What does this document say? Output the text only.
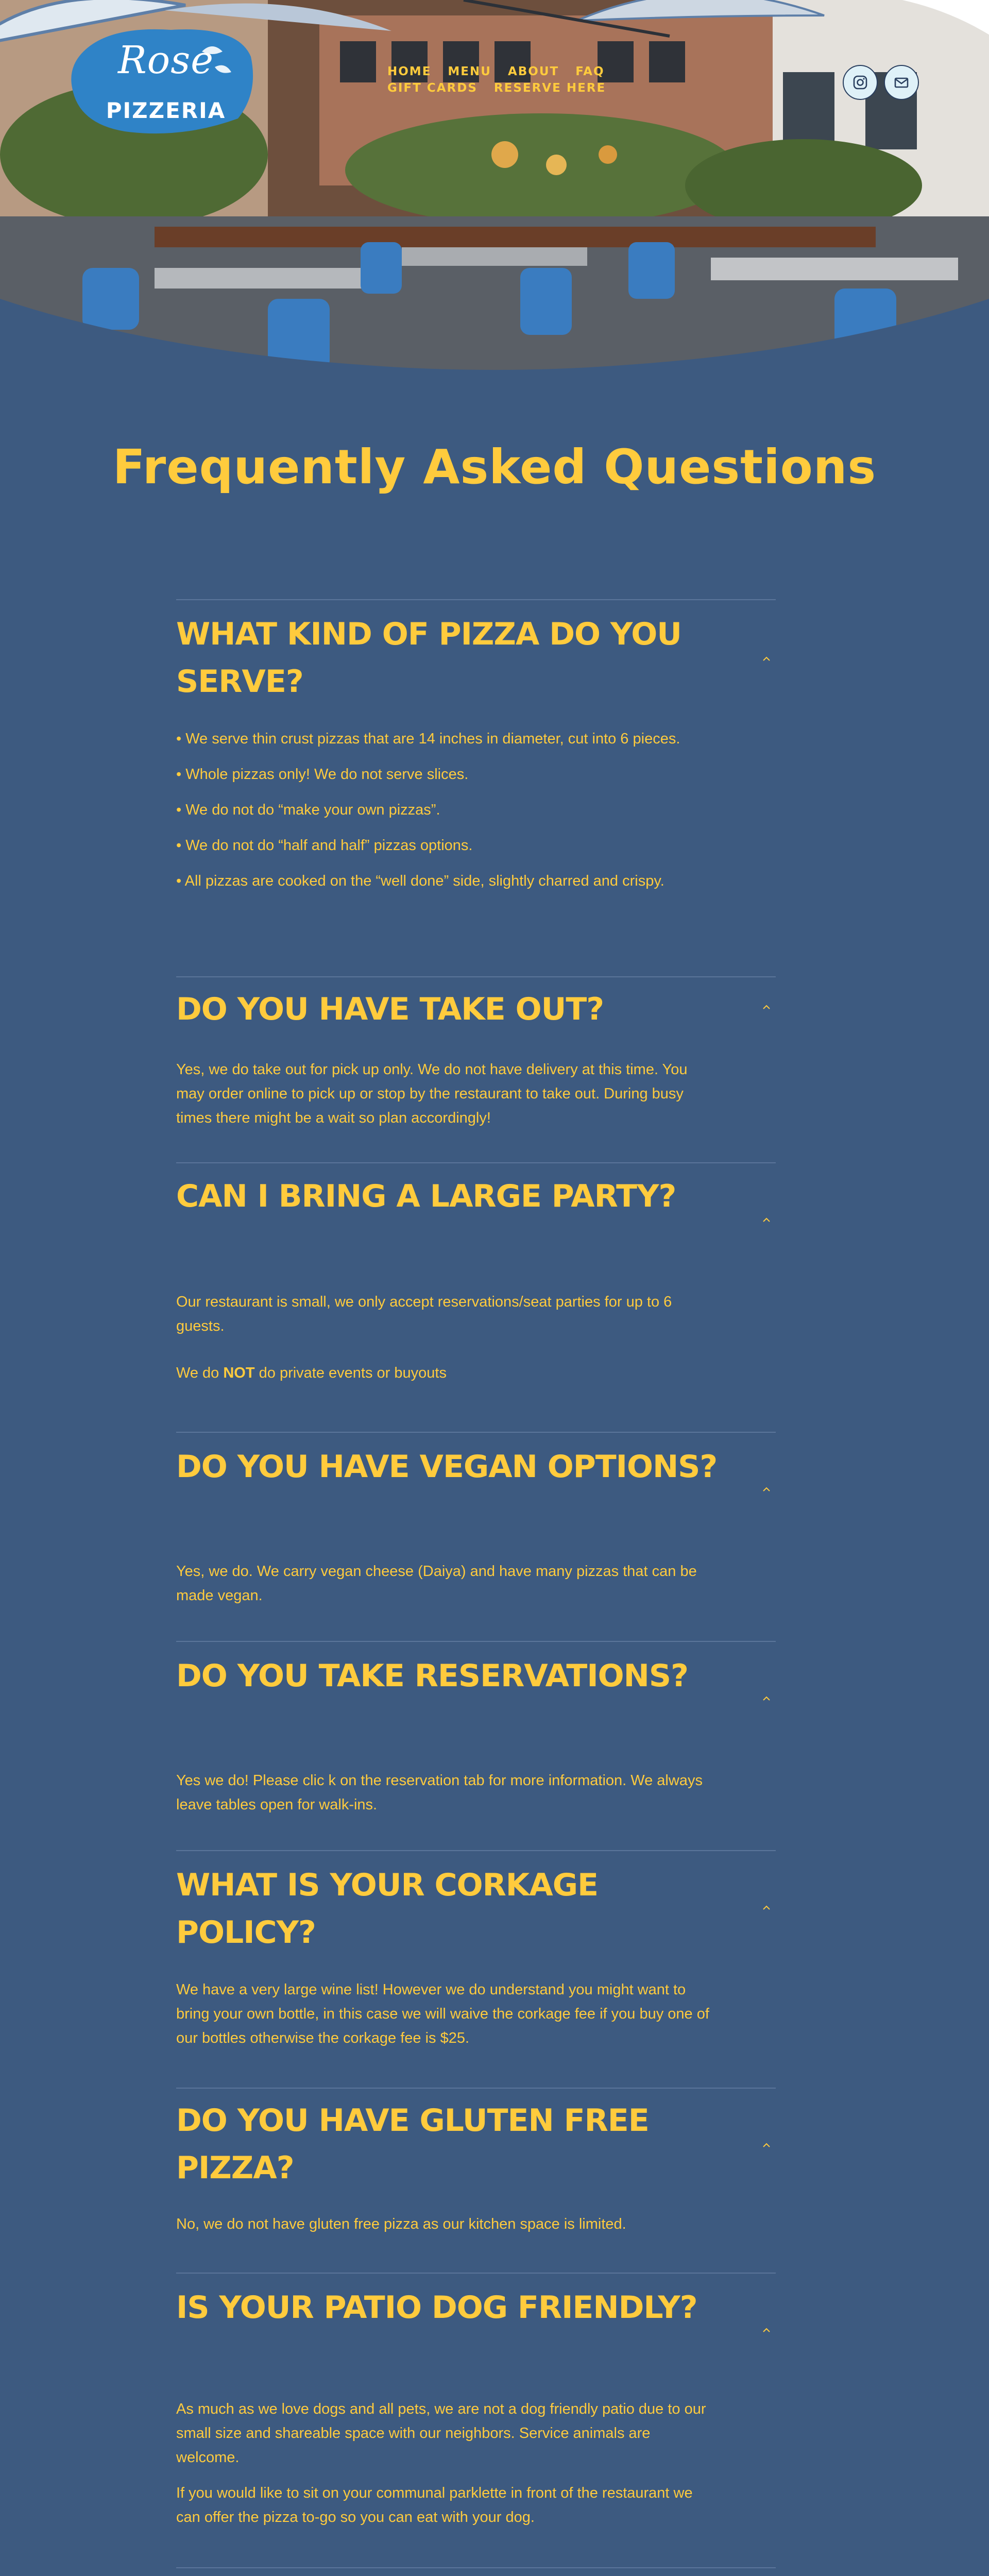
Rose
PIZZERIA
HOME MENU ABOUT FAQ
GIFT CARDS RESERVE HERE
Frequently Asked Questions
WHAT KIND OF PIZZA DO YOU SERVE?

• We serve thin crust pizzas that are 14 inches in diameter, cut into 6 pieces.

• Whole pizzas only! We do not serve slices.

• We do not do “make your own pizzas”.

• We do not do “half and half” pizzas options.

• All pizzas are cooked on the “well done” side, slightly charred and crispy.

DO YOU HAVE TAKE OUT?

Yes, we do take out for pick up only. We do not have delivery at this time. You may order online to pick up or stop by the restaurant to take out. During busy times there might be a wait so plan accordingly!

CAN I BRING A LARGE PARTY?

Our restaurant is small, we only accept reservations/seat parties for up to 6 guests.

We do NOT do private events or buyouts

DO YOU HAVE VEGAN OPTIONS?

Yes, we do. We carry vegan cheese (Daiya) and have many pizzas that can be made vegan.

DO YOU TAKE RESERVATIONS?

Yes we do! Please clic k on the reservation tab for more information. We always leave tables open for walk-ins.

WHAT IS YOUR CORKAGE POLICY?

We have a very large wine list! However we do understand you might want to bring your own bottle, in this case we will waive the corkage fee if you buy one of our bottles otherwise the corkage fee is $25.

DO YOU HAVE GLUTEN FREE PIZZA?

No, we do not have gluten free pizza as our kitchen space is limited.

IS YOUR PATIO DOG FRIENDLY?

As much as we love dogs and all pets, we are not a dog friendly patio due to our small size and shareable space with our neighbors. Service animals are welcome.

If you would like to sit on your communal parklette in front of the restaurant we can offer the pizza to-go so you can eat with your dog.
